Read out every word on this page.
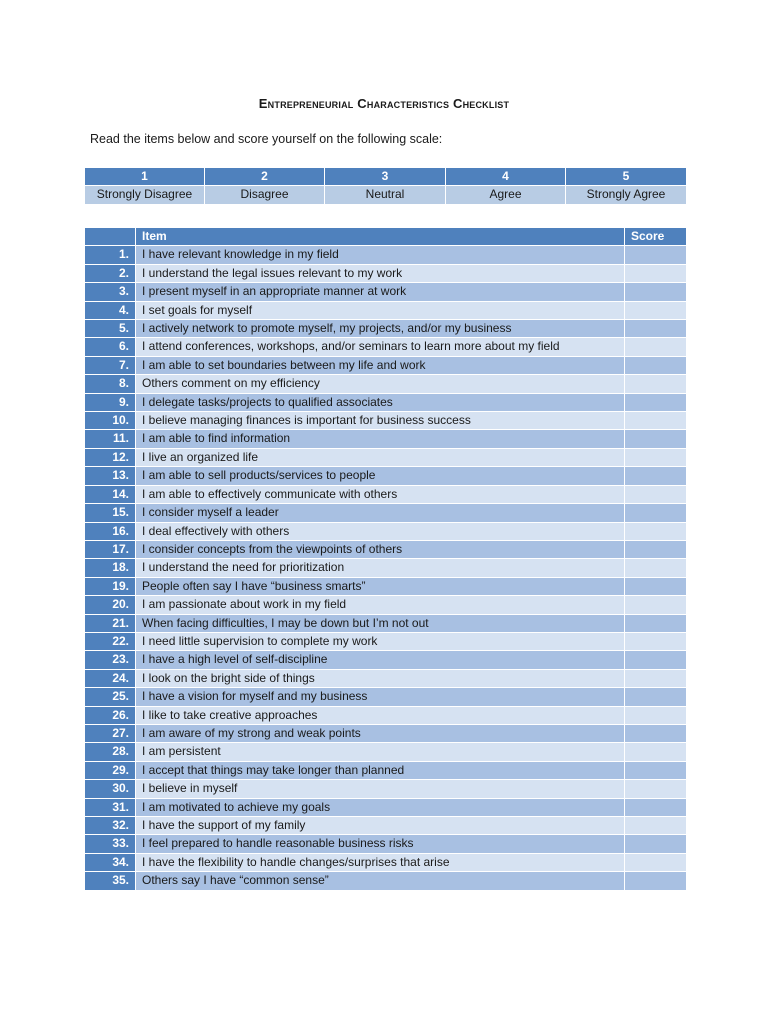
Entrepreneurial Characteristics Checklist
Read the items below and score yourself on the following scale:
1	2	3	4	5
Strongly Disagree	Disagree	Neutral	Agree	Strongly Agree
	Item	Score
1.	I have relevant knowledge in my field	
2.	I understand the legal issues relevant to my work	
3.	I present myself in an appropriate manner at work	
4.	I set goals for myself	
5.	I actively network to promote myself, my projects, and/or my business	
6.	I attend conferences, workshops, and/or seminars to learn more about my field	
7.	I am able to set boundaries between my life and work	
8.	Others comment on my efficiency	
9.	I delegate tasks/projects to qualified associates	
10.	I believe managing finances is important for business success	
11.	I am able to find information	
12.	I live an organized life	
13.	I am able to sell products/services to people	
14.	I am able to effectively communicate with others	
15.	I consider myself a leader	
16.	I deal effectively with others	
17.	I consider concepts from the viewpoints of others	
18.	I understand the need for prioritization	
19.	People often say I have “business smarts”	
20.	I am passionate about work in my field	
21.	When facing difficulties, I may be down but I’m not out	
22.	I need little supervision to complete my work	
23.	I have a high level of self-discipline	
24.	I look on the bright side of things	
25.	I have a vision for myself and my business	
26.	I like to take creative approaches	
27.	I am aware of my strong and weak points	
28.	I am persistent	
29.	I accept that things may take longer than planned	
30.	I believe in myself	
31.	I am motivated to achieve my goals	
32.	I have the support of my family	
33.	I feel prepared to handle reasonable business risks	
34.	I have the flexibility to handle changes/surprises that arise	
35.	Others say I have “common sense”	
